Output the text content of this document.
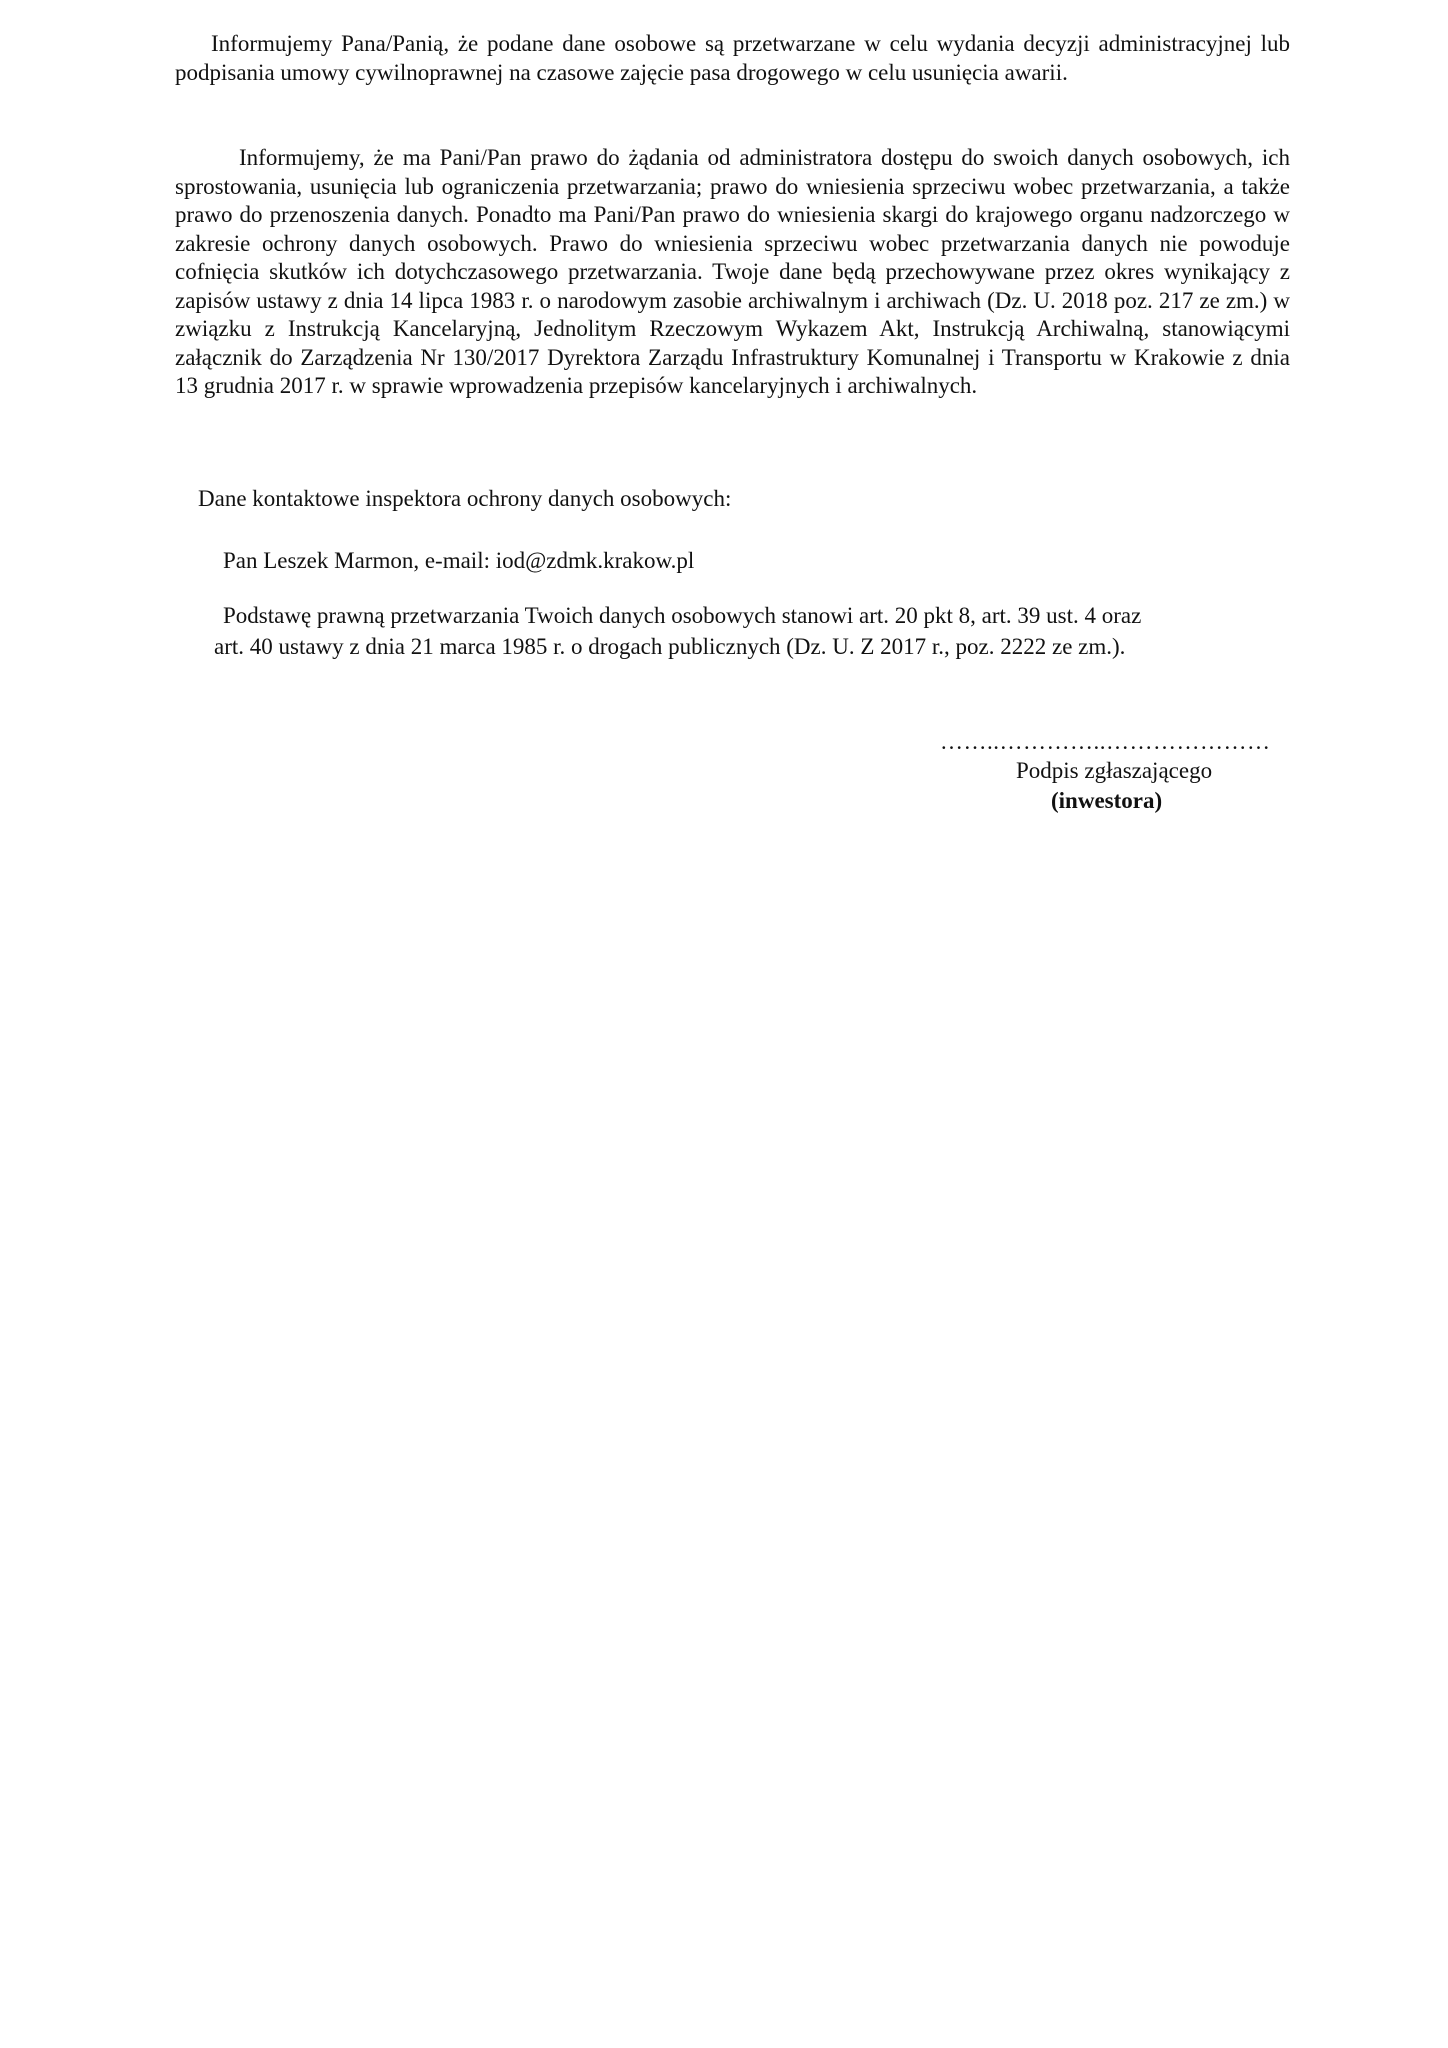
Informujemy Pana/Panią, że podane dane osobowe są przetwarzane w celu wydania decyzji administracyjnej lub podpisania umowy cywilnoprawnej na czasowe zajęcie pasa drogowego w celu usunięcia awarii.

Informujemy, że ma Pani/Pan prawo do żądania od administratora dostępu do swoich danych osobowych, ich sprostowania, usunięcia lub ograniczenia przetwarzania; prawo do wniesienia sprzeciwu wobec przetwarzania, a także prawo do przenoszenia danych. Ponadto ma Pani/Pan prawo do wniesienia skargi do krajowego organu nadzorczego w zakresie ochrony danych osobowych. Prawo do wniesienia sprzeciwu wobec przetwarzania danych nie powoduje cofnięcia skutków ich dotychczasowego przetwarzania. Twoje dane będą przechowywane przez okres wynikający z zapisów ustawy z dnia 14 lipca 1983 r. o narodowym zasobie archiwalnym i archiwach (Dz. U. 2018 poz. 217 ze zm.) w związku z Instrukcją Kancelaryjną, Jednolitym Rzeczowym Wykazem Akt, Instrukcją Archiwalną, stanowiącymi załącznik do Zarządzenia Nr 130/2017 Dyrektora Zarządu Infrastruktury Komunalnej i Transportu w Krakowie z dnia 13 grudnia 2017 r. w sprawie wprowadzenia przepisów kancelaryjnych i archiwalnych.

Dane kontaktowe inspektora ochrony danych osobowych:

Pan Leszek Marmon, e-mail: iod@zdmk.krakow.pl

Podstawę prawną przetwarzania Twoich danych osobowych stanowi art. 20 pkt 8, art. 39 ust. 4 oraz
art. 40 ustawy z dnia 21 marca 1985 r. o drogach publicznych (Dz. U. Z 2017 r., poz. 2222 ze zm.).

……..…………..…………………
Podpis zgłaszającego
(inwestora)
